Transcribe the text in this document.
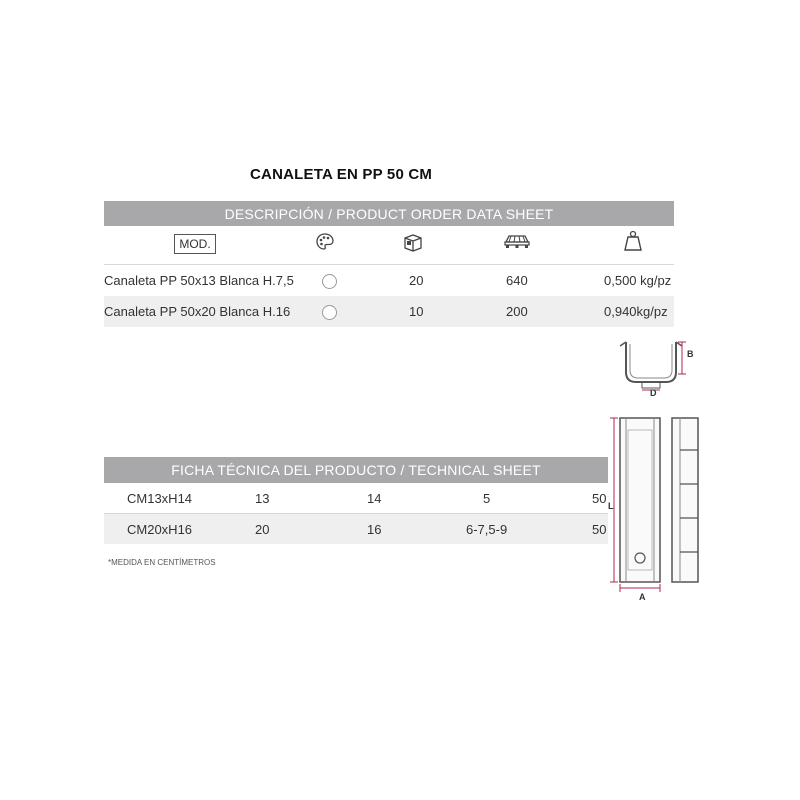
CANALETA EN PP 50 CM
DESCRIPCIÓN / PRODUCT ORDER DATA SHEET
MOD.
Canaleta PP 50x13 Blanca H.7,5	20	640	0,500 kg/pz
Canaleta PP 50x20 Blanca H.16	10	200	0,940kg/pz
FICHA TÉCNICA DEL PRODUCTO / TECHNICAL SHEET
CM13xH14	13	14	5	50
CM20xH16	20	16	6-7,5-9	50
*MEDIDA EN CENTÍMETROS
B
D
L
A
